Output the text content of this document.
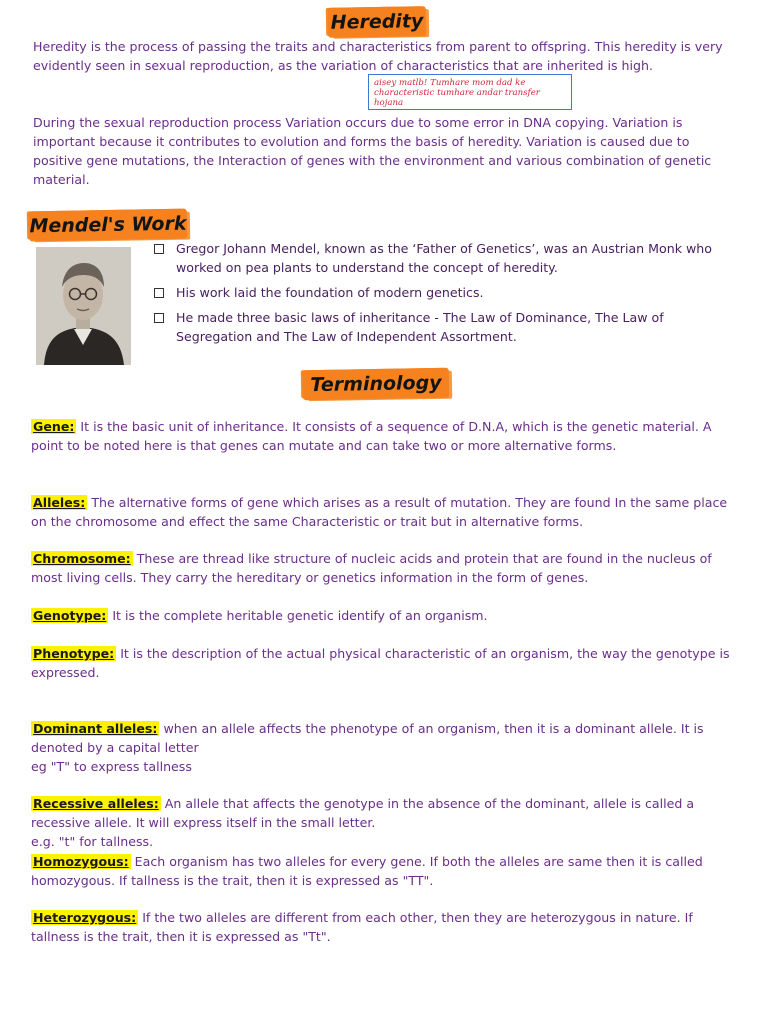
Heredity

Heredity is the process of passing the traits and characteristics from parent to offspring. This heredity is very evidently seen in sexual reproduction, as the variation of characteristics that are inherited is high.

aisey matlb! Tumhare mom dad ke characteristic tumhare andar transfer hojana

During the sexual reproduction process Variation occurs due to some error in DNA copying. Variation is important because it contributes to evolution and forms the basis of heredity. Variation is caused due to positive gene mutations, the Interaction of genes with the environment and various combination of genetic material.

Mendel's Work
Gregor Johann Mendel, known as the ‘Father of Genetics’, was an Austrian Monk who worked on pea plants to understand the concept of heredity.
His work laid the foundation of modern genetics.
He made three basic laws of inheritance - The Law of Dominance, The Law of Segregation and The Law of Independent Assortment.
Terminology
Gene: It is the basic unit of inheritance. It consists of a sequence of D.N.A, which is the genetic material. A point to be noted here is that genes can mutate and can take two or more alternative forms.
Alleles: The alternative forms of gene which arises as a result of mutation. They are found In the same place on the chromosome and effect the same Characteristic or trait but in alternative forms.
Chromosome: These are thread like structure of nucleic acids and protein that are found in the nucleus of most living cells. They carry the hereditary or genetics information in the form of genes.
Genotype: It is the complete heritable genetic identify of an organism.
Phenotype: It is the description of the actual physical characteristic of an organism, the way the genotype is expressed.

Dominant alleles: when an allele affects the phenotype of an organism, then it is a dominant allele. It is denoted by a capital letter
eg "T" to express tallness

Recessive alleles: An allele that affects the genotype in the absence of the dominant, allele is called a recessive allele. It will express itself in the small letter.
e.g. "t" for tallness.

Homozygous: Each organism has two alleles for every gene. If both the alleles are same then it is called homozygous. If tallness is the trait, then it is expressed as "TT".
Heterozygous: If the two alleles are different from each other, then they are heterozygous in nature. If tallness is the trait, then it is expressed as "Tt".
